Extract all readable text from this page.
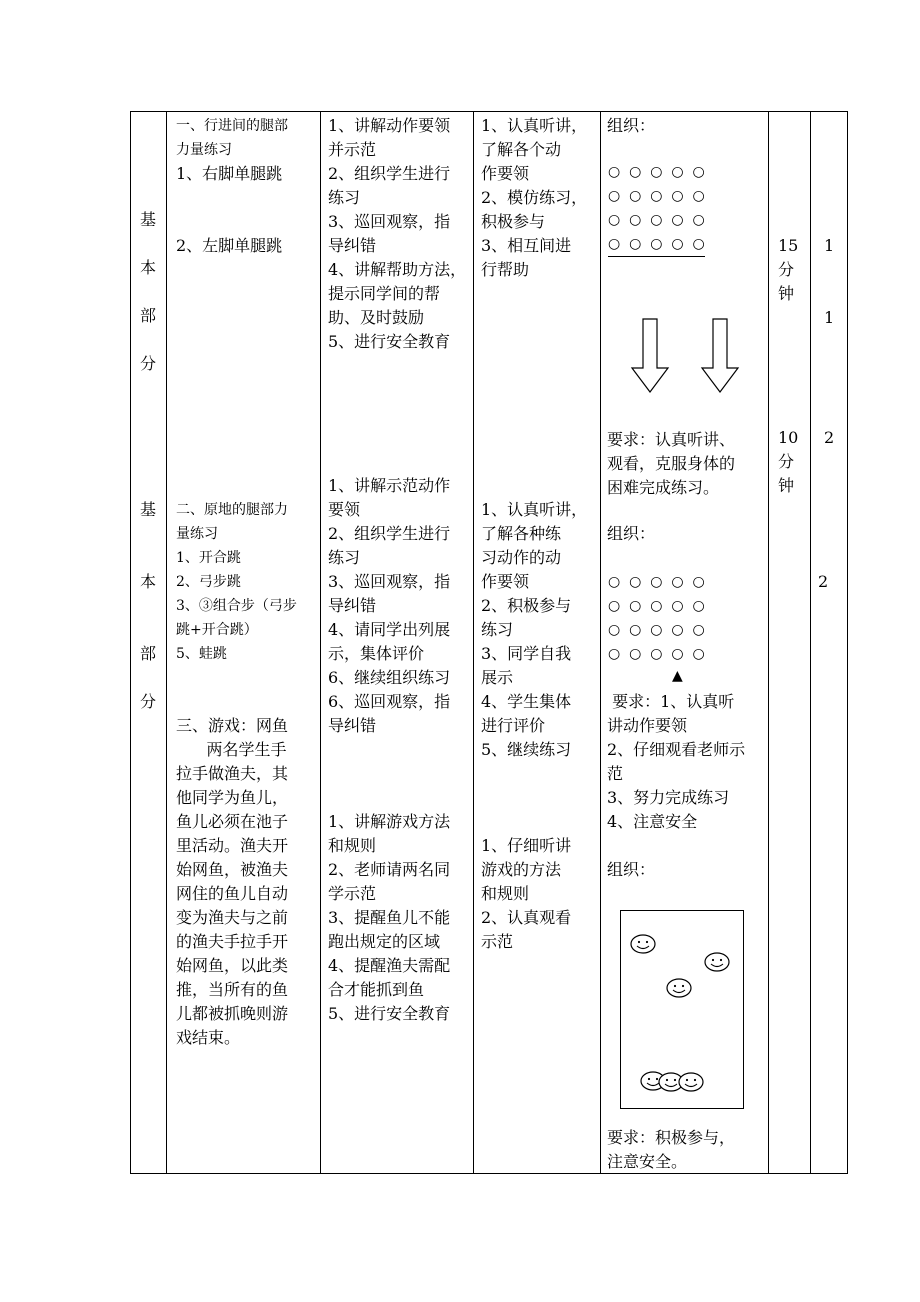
基
本
部
分
一、行进间的腿部
力量练习
1、右脚单腿跳
2、左脚单腿跳
1、讲解动作要领
并示范
2、组织学生进行
练习
3、巡回观察，指
导纠错
4、讲解帮助方法，
提示同学间的帮
助、及时鼓励
5、进行安全教育
1、认真听讲，
了解各个动
作要领
2、模仿练习，
积极参与
3、相互间进
行帮助
组织：
○  ○  ○  ○  ○
○  ○  ○  ○  ○
○  ○  ○  ○  ○
○  ○  ○  ○  ○
要求：认真听讲、
观看，克服身体的
困难完成练习。
15
分
钟
1
1
10
分
钟
2
2
基
本
部
分
二、原地的腿部力
量练习
1、开合跳
2、弓步跳
3、③组合步（弓步
跳+开合跳）
5、蛙跳
1、讲解示范动作
要领
2、组织学生进行
练习
3、巡回观察，指
导纠错
4、请同学出列展
示，集体评价
6、继续组织练习
6、巡回观察，指
导纠错
1、认真听讲，
了解各种练
习动作的动
作要领
2、积极参与
练习
3、同学自我
展示
4、学生集体
进行评价
5、继续练习
组织：
○  ○  ○  ○  ○
○  ○  ○  ○  ○
○  ○  ○  ○  ○
○  ○  ○  ○  ○
▲
要求：1、认真听
讲动作要领
2、仔细观看老师示
范
3、努力完成练习
4、注意安全
三、游戏：网鱼
两名学生手
拉手做渔夫，其
他同学为鱼儿，
鱼儿必须在池子
里活动。渔夫开
始网鱼，被渔夫
网住的鱼儿自动
变为渔夫与之前
的渔夫手拉手开
始网鱼，以此类
推，当所有的鱼
儿都被抓晚则游
戏结束。
1、讲解游戏方法
和规则
2、老师请两名同
学示范
3、提醒鱼儿不能
跑出规定的区域
4、提醒渔夫需配
合才能抓到鱼
5、进行安全教育
1、仔细听讲
游戏的方法
和规则
2、认真观看
示范
组织：
要求：积极参与，
注意安全。
